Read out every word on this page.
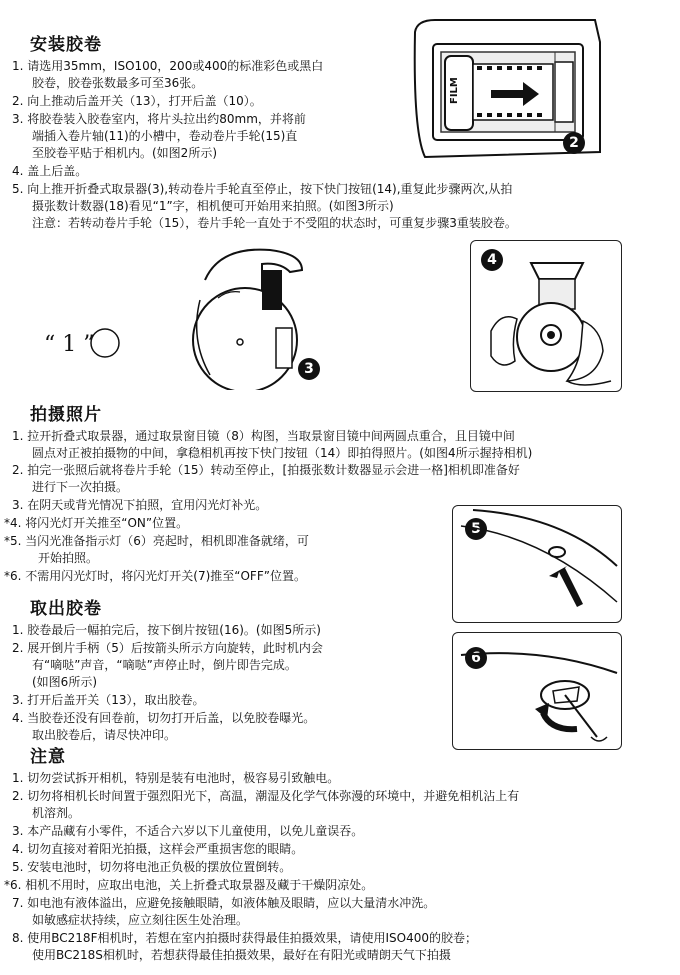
安装胶卷
1. 请选用35mm，ISO100，200或400的标准彩色或黑白
胶卷，胶卷张数最多可至36张。
2. 向上推动后盖开关（13），打开后盖（10）。
3. 将胶卷装入胶卷室内，将片头拉出约80mm，并将前
端插入卷片轴(11)的小槽中，卷动卷片手轮(15)直
至胶卷平贴于相机内。(如图2所示)
4. 盖上后盖。
5. 向上推开折叠式取景器(3),转动卷片手轮直至停止，按下快门按钮(14),重复此步骤两次,从拍
摄张数计数器(18)看见“1”字，相机便可开始用来拍照。(如图3所示)
注意：若转动卷片手轮（15），卷片手轮一直处于不受阻的状态时，可重复步骤3重装胶卷。
FILM
2
“ 1 ”
3
4
拍摄照片
1. 拉开折叠式取景器，通过取景窗目镜（8）构图，当取景窗目镜中间两圆点重合，且目镜中间
圆点对正被拍摄物的中间，拿稳相机再按下快门按钮（14）即拍得照片。(如图4所示握持相机)
2. 拍完一张照后就将卷片手轮（15）转动至停止，[拍摄张数计数器显示会进一格]相机即准备好
进行下一次拍摄。
3. 在阴天或背光情况下拍照，宜用闪光灯补光。
*4. 将闪光灯开关推至“ON”位置。
*5. 当闪光准备指示灯（6）亮起时，相机即准备就绪，可
开始拍照。
*6. 不需用闪光灯时，将闪光灯开关(7)推至“OFF”位置。
5
取出胶卷
1. 胶卷最后一幅拍完后，按下倒片按钮(16)。(如图5所示)
2. 展开倒片手柄（5）后按箭头所示方向旋转，此时机内会
有“嘀哒”声音，“嘀哒”声停止时，倒片即告完成。
(如图6所示)
3. 打开后盖开关（13），取出胶卷。
4. 当胶卷还没有回卷前，切勿打开后盖，以免胶卷曝光。
取出胶卷后，请尽快冲印。
6
注意
1. 切勿尝试拆开相机，特别是装有电池时，极容易引致触电。
2. 切勿将相机长时间置于强烈阳光下，高温，潮湿及化学气体弥漫的环境中，并避免相机沾上有
机溶剂。
3. 本产品藏有小零件，不适合六岁以下儿童使用，以免儿童误吞。
4. 切勿直接对着阳光拍摄，这样会严重损害您的眼睛。
5. 安装电池时，切勿将电池正负极的摆放位置倒转。
*6. 相机不用时，应取出电池，关上折叠式取景器及藏于干燥阴凉处。
7. 如电池有液体溢出，应避免接触眼睛，如液体触及眼睛，应以大量清水冲洗。
如敏感症状持续，应立刻往医生处治理。
8. 使用BC218F相机时，若想在室内拍摄时获得最佳拍摄效果，请使用ISO400的胶卷；
使用BC218S相机时，若想获得最佳拍摄效果，最好在有阳光或晴朗天气下拍摄
